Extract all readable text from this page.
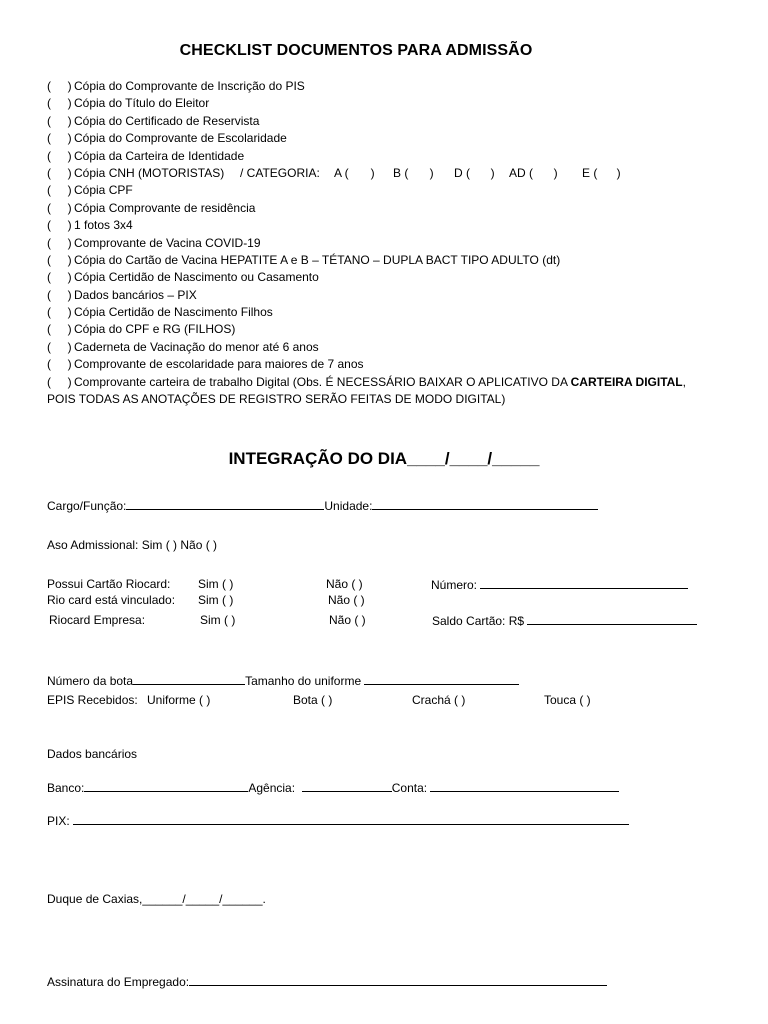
CHECKLIST DOCUMENTOS PARA ADMISSÃO
(     ) Cópia do Comprovante de Inscrição do PIS
(     ) Cópia do Título do Eleitor
(     ) Cópia do Certificado de Reservista
(     ) Cópia do Comprovante de Escolaridade
(     ) Cópia da Carteira de Identidade
(     ) Cópia CNH (MOTORISTAS)	/ CATEGORIA:	A ( )	B ( )	D ( )	AD ( )	E ( )
(     ) Cópia CPF
(     ) Cópia Comprovante de residência
(     ) 1 fotos 3x4
(     ) Comprovante de Vacina COVID-19
(     ) Cópia do Cartão de Vacina HEPATITE A e B – TÉTANO – DUPLA BACT TIPO ADULTO (dt)
(     ) Cópia Certidão de Nascimento ou Casamento
(     ) Dados bancários – PIX
(     ) Cópia Certidão de Nascimento Filhos
(     ) Cópia do CPF e RG (FILHOS)
(     ) Caderneta de Vacinação do menor até 6 anos
(     ) Comprovante de escolaridade para maiores de 7 anos
(     ) Comprovante carteira de trabalho Digital (Obs. É NECESSÁRIO BAIXAR O APLICATIVO DA CARTEIRA DIGITAL ,
POIS TODAS AS ANOTAÇÕES DE REGISTRO SERÃO FEITAS DE MODO DIGITAL)
INTEGRAÇÃO DO DIA____/____/_____
Cargo/Função:	Unidade:
Aso Admissional: Sim ( ) Não ( )
Possui Cartão Riocard: Sim ( )	Não ( )	Número:
Rio card está vinculado: Sim ( )	Não ( )
Riocard Empresa:	Sim ( )	Não ( )	Saldo Cartão: R$
Número da bota	Tamanho do uniforme
EPIS Recebidos: Uniforme ( )	Bota ( )	Crachá ( )	Touca ( )
Dados bancários
Banco:	Agência:	Conta:
PIX:
Duque de Caxias,______/_____/______.
Assinatura do Empregado:
